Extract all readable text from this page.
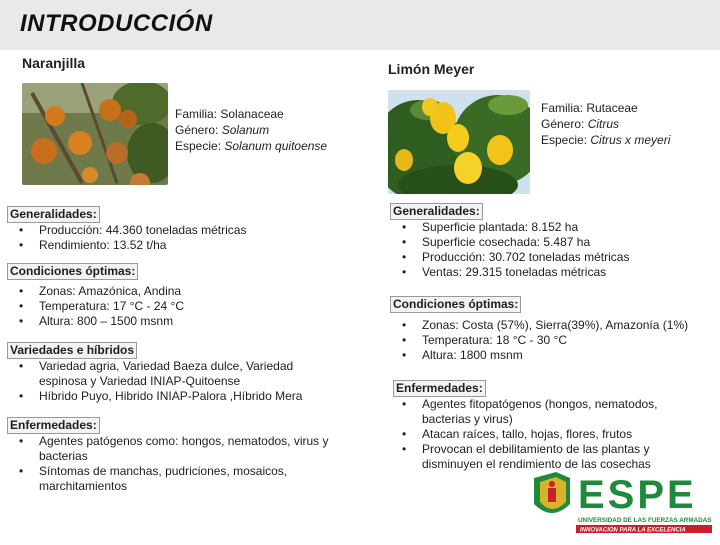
INTRODUCCIÓN
Naranjilla
Familia: Solanaceae
Género: Solanum
Especie: Solanum quitoense
Generalidades:
• Producción: 44.360 toneladas métricas
• Rendimiento: 13.52 t/ha
Condiciones óptimas:
• Zonas: Amazónica, Andina
• Temperatura: 17 °C - 24 °C
• Altura: 800 – 1500 msnm
Variedades e híbridos
• Variedad agria, Variedad Baeza dulce, Variedad espinosa y Variedad INIAP-Quitoense
• Híbrido Puyo, Hibrido INIAP-Palora ,Híbrido Mera
Enfermedades:
• Agentes patógenos como: hongos, nematodos, virus y bacterias
• Síntomas de manchas, pudriciones, mosaicos, marchitamientos
Limón Meyer
Familia: Rutaceae
Género: Citrus
Especie: Citrus x meyeri
Generalidades:
• Superficie plantada: 8.152 ha
• Superficie cosechada: 5.487 ha
• Producción: 30.702 toneladas métricas
• Ventas: 29.315 toneladas métricas
Condiciones óptimas:
• Zonas: Costa (57%), Sierra(39%), Amazonía (1%)
• Temperatura: 18 °C - 30 °C
• Altura: 1800 msnm
Enfermedades:
• Agentes fitopatógenos (hongos, nematodos, bacterias y virus)
• Atacan raíces, tallo, hojas, flores, frutos
• Provocan el debilitamiento de las plantas y disminuyen el rendimiento de las cosechas
ESPE
UNIVERSIDAD DE LAS FUERZAS ARMADAS
INNOVACIÓN PARA LA EXCELENCIA
